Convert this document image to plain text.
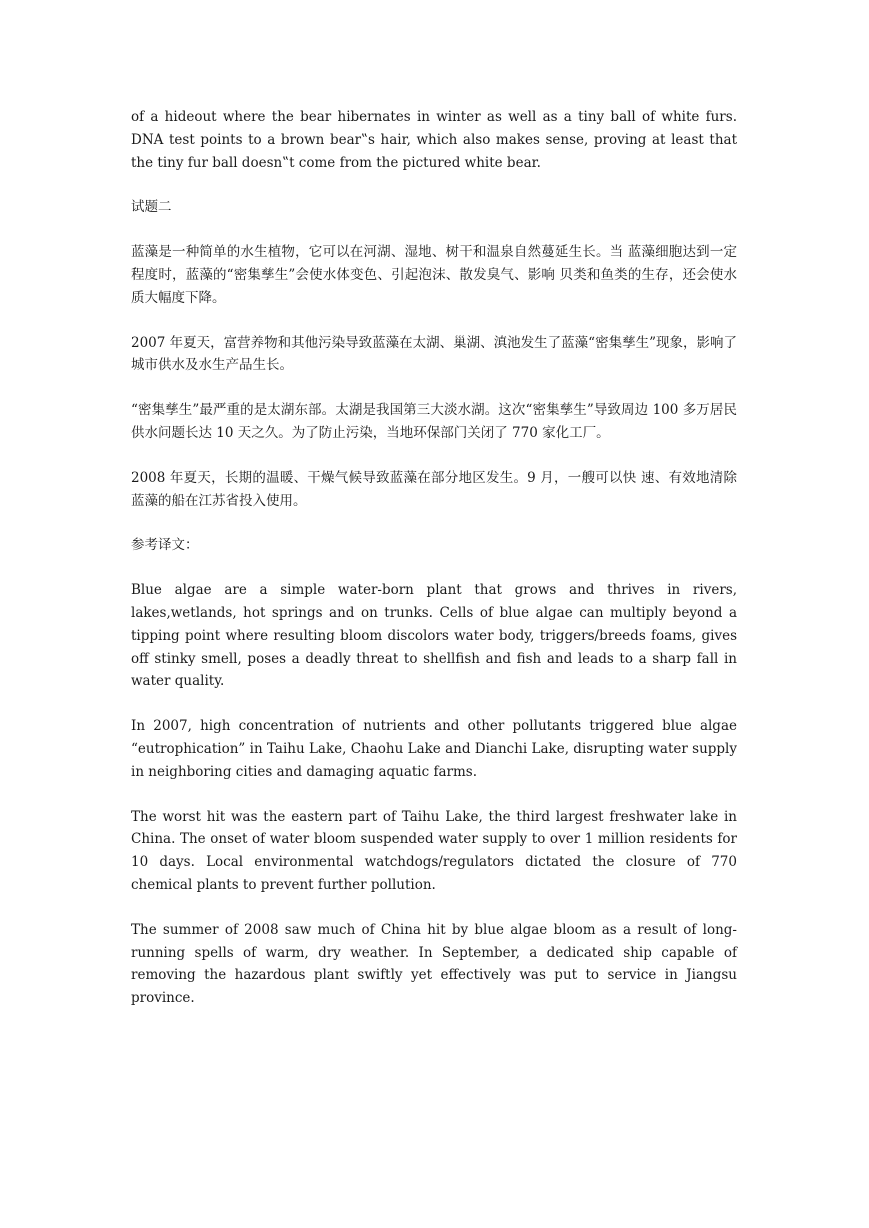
of a hideout where the bear hibernates in winter as well as a tiny ball of white furs. DNA test points to a brown bear‟s hair, which also makes sense, proving at least that the tiny fur ball doesn‟t come from the pictured white bear.

试题二

蓝藻是一种简单的水生植物，它可以在河湖、湿地、树干和温泉自然蔓延生长。当 蓝藻细胞达到一定程度时，蓝藻的“密集孳生”会使水体变色、引起泡沫、散发臭气、影响 贝类和鱼类的生存，还会使水质大幅度下降。

2007 年夏天，富营养物和其他污染导致蓝藻在太湖、巢湖、滇池发生了蓝藻“密集孳生”现象，影响了城市供水及水生产品生长。

“密集孳生”最严重的是太湖东部。太湖是我国第三大淡水湖。这次“密集孳生”导致周边 100 多万居民供水问题长达 10 天之久。为了防止污染，当地环保部门关闭了 770 家化工厂。

2008 年夏天，长期的温暖、干燥气候导致蓝藻在部分地区发生。9 月，一艘可以快 速、有效地清除蓝藻的船在江苏省投入使用。

参考译文：

Blue algae are a simple water-born plant that grows and thrives in rivers, lakes,wetlands, hot springs and on trunks. Cells of blue algae can multiply beyond a tipping point where resulting bloom discolors water body, triggers/breeds foams, gives off stinky smell, poses a deadly threat to shellfish and fish and leads to a sharp fall in water quality.

In 2007, high concentration of nutrients and other pollutants triggered blue algae “eutrophication” in Taihu Lake, Chaohu Lake and Dianchi Lake, disrupting water supply in neighboring cities and damaging aquatic farms.

The worst hit was the eastern part of Taihu Lake, the third largest freshwater lake in China. The onset of water bloom suspended water supply to over 1 million residents for 10 days. Local environmental watchdogs/regulators dictated the closure of 770 chemical plants to prevent further pollution.

The summer of 2008 saw much of China hit by blue algae bloom as a result of long-running spells of warm, dry weather. In September, a dedicated ship capable of removing the hazardous plant swiftly yet effectively was put to service in Jiangsu province.
